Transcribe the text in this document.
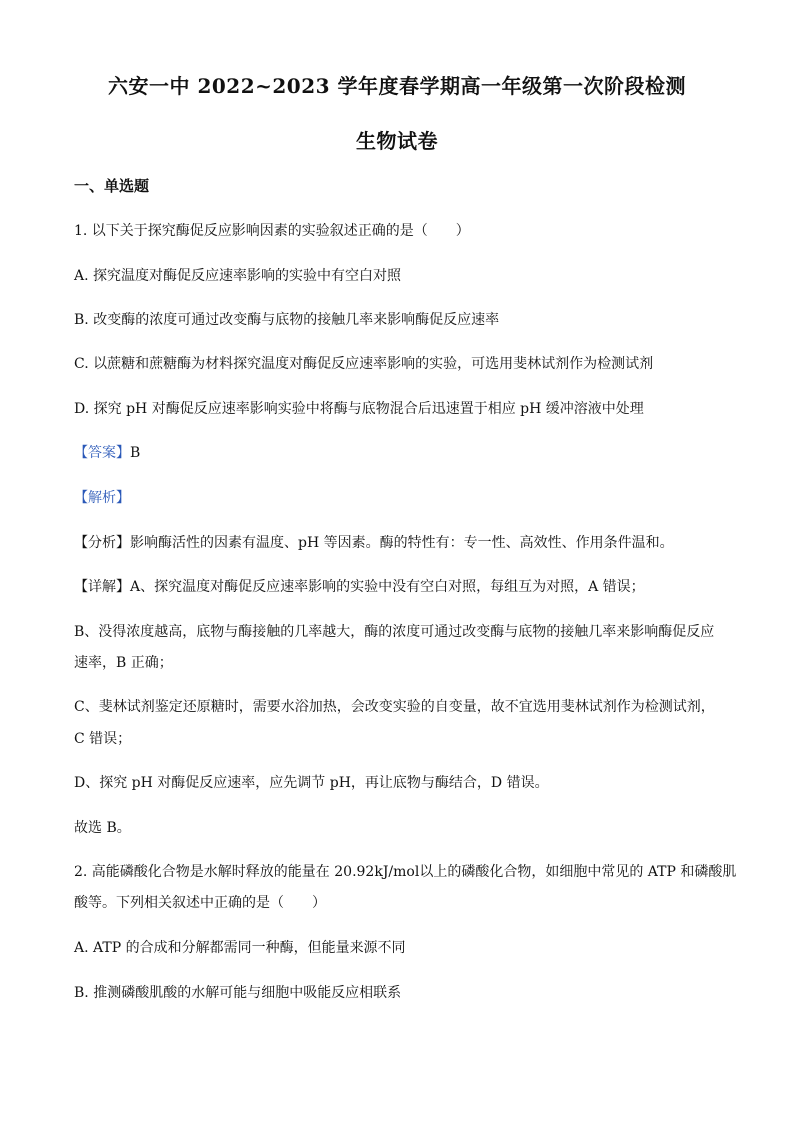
六安一中 2022~2023 学年度春学期高一年级第一次阶段检测
生物试卷
一、单选题
1. 以下关于探究酶促反应影响因素的实验叙述正确的是（　　）
A. 探究温度对酶促反应速率影响的实验中有空白对照
B. 改变酶的浓度可通过改变酶与底物的接触几率来影响酶促反应速率
C. 以蔗糖和蔗糖酶为材料探究温度对酶促反应速率影响的实验，可选用斐林试剂作为检测试剂
D. 探究 pH 对酶促反应速率影响实验中将酶与底物混合后迅速置于相应 pH 缓冲溶液中处理
【答案】B
【解析】
【分析】影响酶活性的因素有温度、pH 等因素。酶的特性有：专一性、高效性、作用条件温和。
【详解】A、探究温度对酶促反应速率影响的实验中没有空白对照，每组互为对照，A 错误；
B、没得浓度越高，底物与酶接触的几率越大，酶的浓度可通过改变酶与底物的接触几率来影响酶促反应
速率，B 正确；
C、斐林试剂鉴定还原糖时，需要水浴加热，会改变实验的自变量，故不宜选用斐林试剂作为检测试剂，
C 错误；
D、探究 pH 对酶促反应速率，应先调节 pH，再让底物与酶结合，D 错误。
故选 B。
2. 高能磷酸化合物是水解时释放的能量在 20.92kJ/mol以上的磷酸化合物，如细胞中常见的 ATP 和磷酸肌
酸等。下列相关叙述中正确的是（　　）
A. ATP 的合成和分解都需同一种酶，但能量来源不同
B. 推测磷酸肌酸的水解可能与细胞中吸能反应相联系
